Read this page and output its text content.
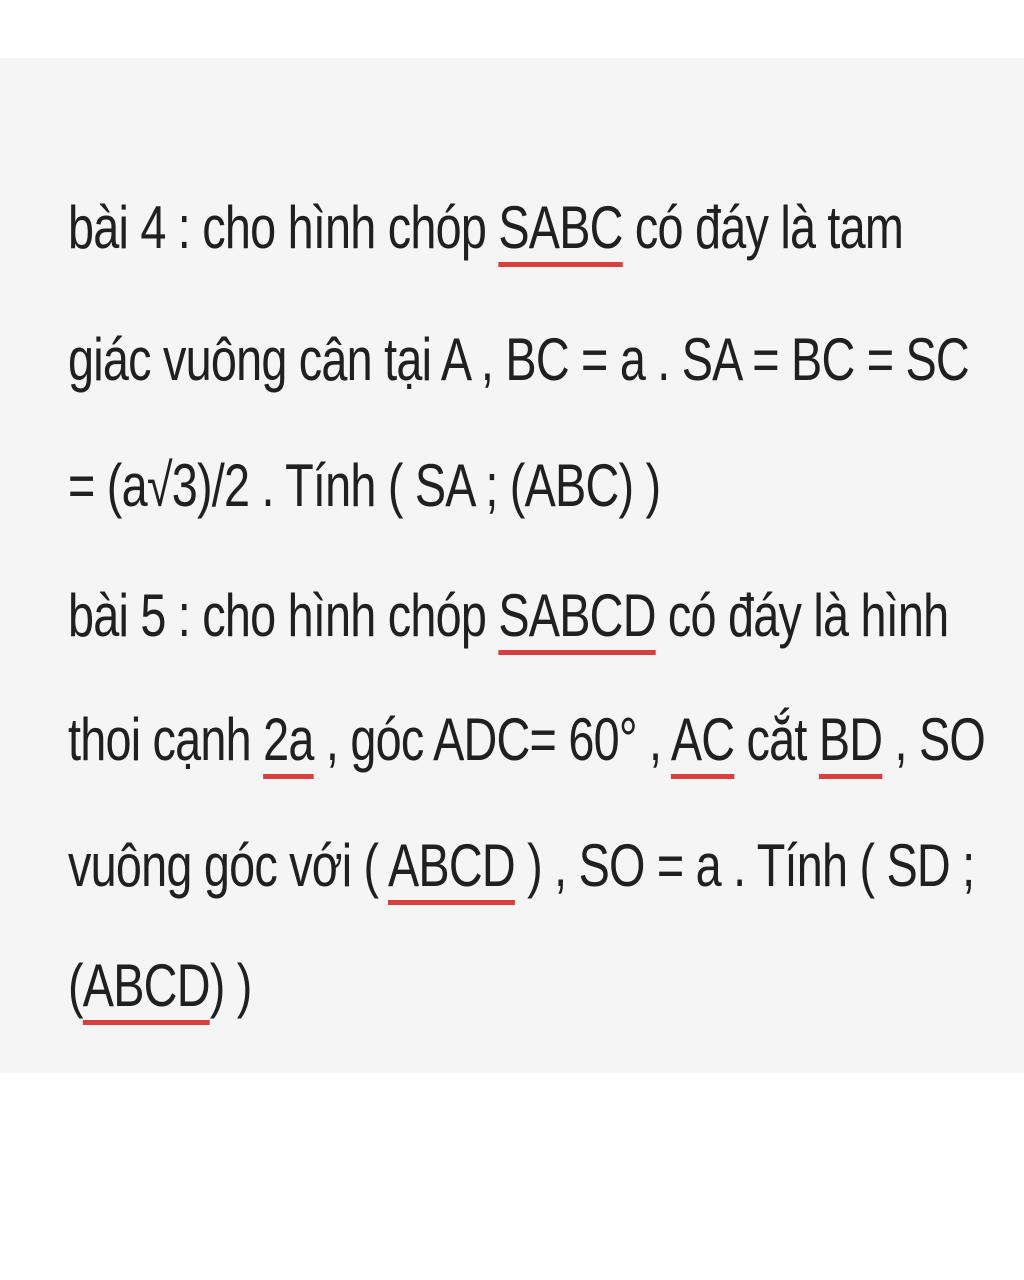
bài 4 : cho hình chóp SABC có đáy là tam
giác vuông cân tại A , BC = a . SA = BC = SC
= (a√3)/2 . Tính ( SA ; (ABC) )
bài 5 : cho hình chóp SABCD có đáy là hình
thoi cạnh 2a , góc ADC= 60° , AC cắt BD , SO
vuông góc với ( ABCD ) , SO = a . Tính ( SD ;
(ABCD) )
